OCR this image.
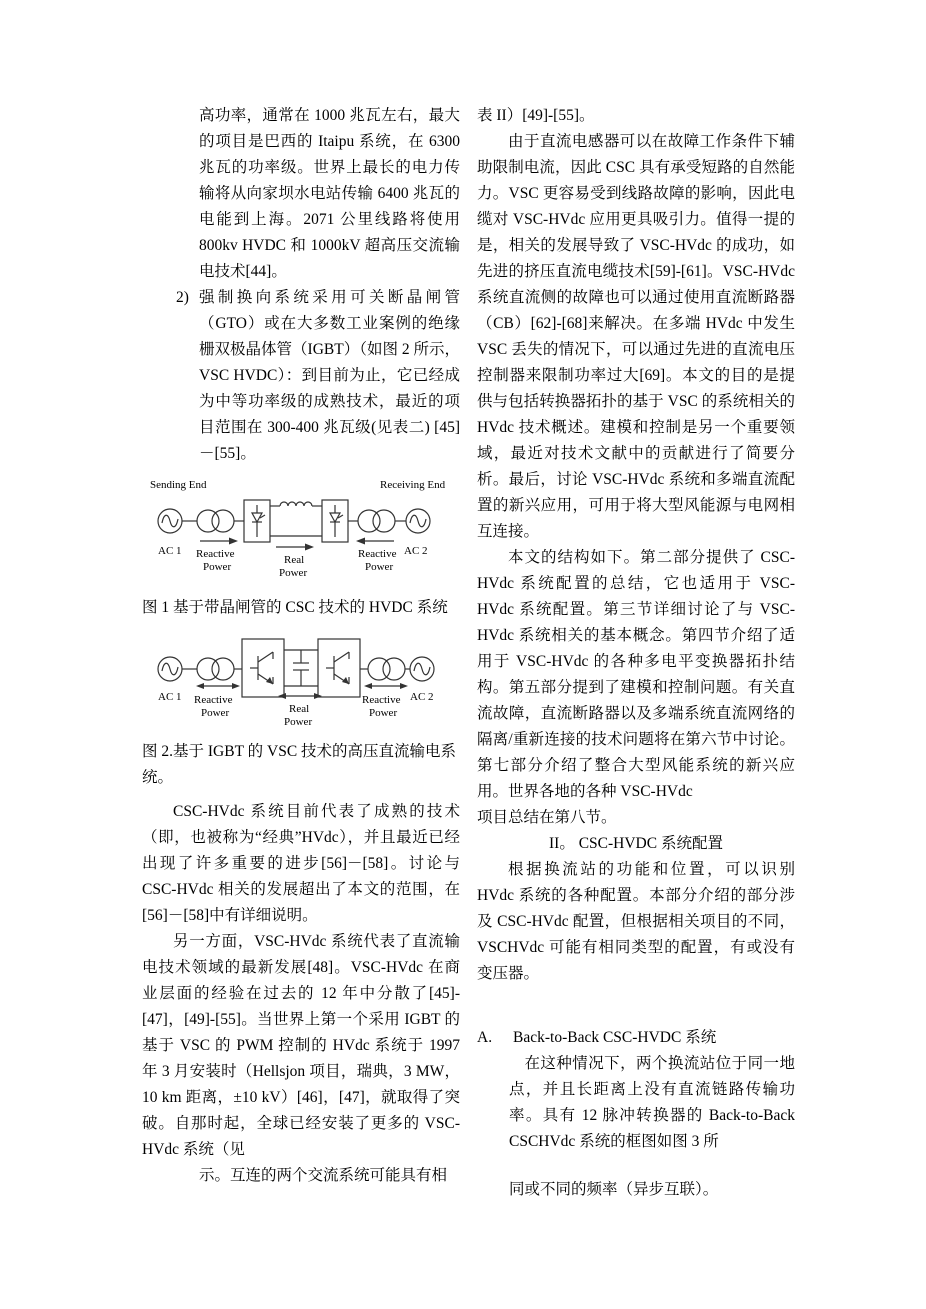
高功率，通常在 1000 兆瓦左右，最大的项目是巴西的 Itaipu 系统，在 6300 兆瓦的功率级。世界上最长的电力传输将从向家坝水电站传输 6400 兆瓦的电能到上海。2071 公里线路将使用 800kv HVDC 和 1000kV 超高压交流输电技术[44]。

2) 强制换向系统采用可关断晶闸管（GTO）或在大多数工业案例的绝缘栅双极晶体管（IGBT）（如图 2 所示，VSC HVDC）：到目前为止，它已经成为中等功率级的成熟技术，最近的项目范围在 300-400 兆瓦级(见表二) [45]－[55]。

Sending End	Receiving End
AC 1	AC 2
Reactive
Power
Real
Power
Reactive
Power

图 1 基于带晶闸管的 CSC 技术的 HVDC 系统

AC 1	AC 2
Reactive
Power	Real
Power
Reactive
Power

图 2.基于 IGBT 的 VSC 技术的高压直流输电系统。

CSC-HVdc 系统目前代表了成熟的技术（即，也被称为“经典”HVdc），并且最近已经出现了许多重要的进步[56]－[58]。讨论与 CSC-HVdc 相关的发展超出了本文的范围，在[56]－[58]中有详细说明。

另一方面，VSC-HVdc 系统代表了直流输电技术领域的最新发展[48]。VSC-HVdc 在商业层面的经验在过去的 12 年中分散了[45]-[47]，[49]-[55]。当世界上第一个采用 IGBT 的基于 VSC 的 PWM 控制的 HVdc 系统于 1997 年 3 月安装时（Hellsjon 项目，瑞典，3 MW，10 km 距离，±10 kV）[46]，[47]，就取得了突破。自那时起，全球已经安装了更多的 VSC-HVdc 系统（见

示。互连的两个交流系统可能具有相

表 II）[49]-[55]。

由于直流电感器可以在故障工作条件下辅助限制电流，因此 CSC 具有承受短路的自然能力。VSC 更容易受到线路故障的影响，因此电缆对 VSC-HVdc 应用更具吸引力。值得一提的是，相关的发展导致了 VSC-HVdc 的成功，如先进的挤压直流电缆技术[59]-[61]。VSC-HVdc 系统直流侧的故障也可以通过使用直流断路器（CB）[62]-[68]来解决。在多端 HVdc 中发生 VSC 丢失的情况下，可以通过先进的直流电压控制器来限制功率过大[69]。本文的目的是提供与包括转换器拓扑的基于 VSC 的系统相关的 HVdc 技术概述。建模和控制是另一个重要领域，最近对技术文献中的贡献进行了简要分析。最后，讨论 VSC-HVdc 系统和多端直流配置的新兴应用，可用于将大型风能源与电网相互连接。

本文的结构如下。第二部分提供了 CSC-HVdc 系统配置的总结，它也适用于 VSC-HVdc 系统配置。第三节详细讨论了与 VSC-HVdc 系统相关的基本概念。第四节介绍了适用于 VSC-HVdc 的各种多电平变换器拓扑结构。第五部分提到了建模和控制问题。有关直流故障，直流断路器以及多端系统直流网络的隔离/重新连接的技术问题将在第六节中讨论。第七部分介绍了整合大型风能系统的新兴应用。世界各地的各种 VSC-HVdc

项目总结在第八节。

II。 CSC-HVDC 系统配置

根据换流站的功能和位置，可以识别 HVdc 系统的各种配置。本部分介绍的部分涉及 CSC-HVdc 配置，但根据相关项目的不同，VSCHVdc 可能有相同类型的配置，有或没有变压器。

A.	Back-to-Back CSC-HVDC 系统

在这种情况下，两个换流站位于同一地点，并且长距离上没有直流链路传输功率。具有 12 脉冲转换器的 Back-to-Back CSCHVdc 系统的框图如图 3 所

同或不同的频率（异步互联）。
